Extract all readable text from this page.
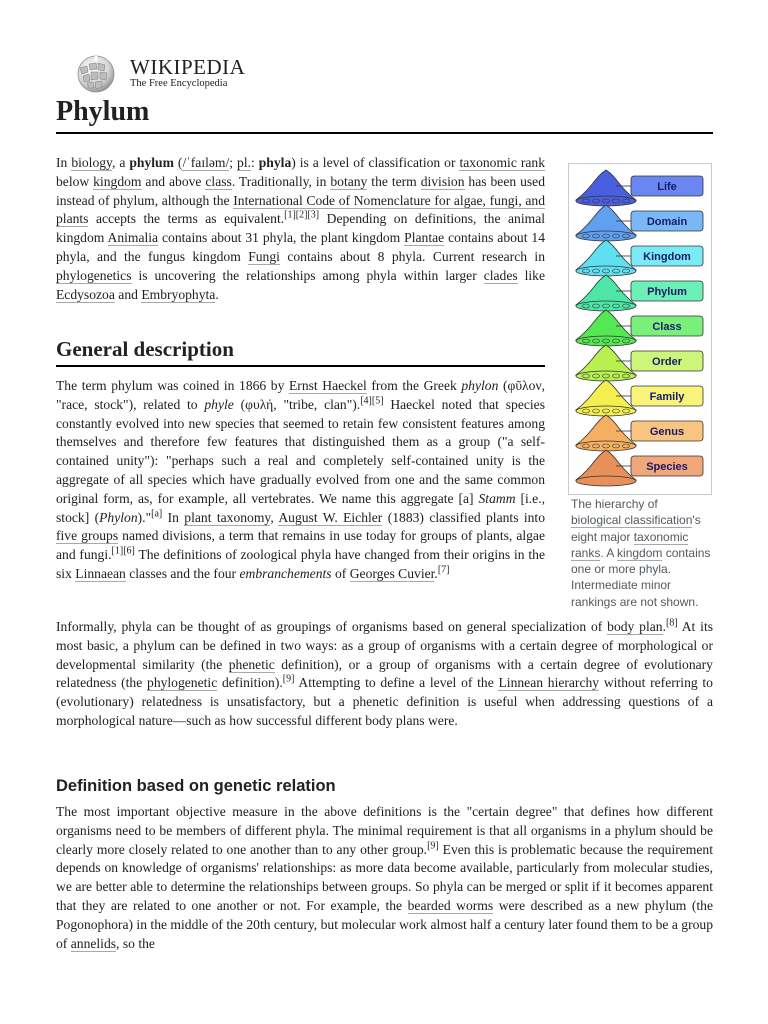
WIKIPEDIA
The Free Encyclopedia
Phylum

In biology, a phylum (/ˈfaɪləm/; pl.: phyla) is a level of classification or taxonomic rank below kingdom and above class. Traditionally, in botany the term division has been used instead of phylum, although the International Code of Nomenclature for algae, fungi, and plants accepts the terms as equivalent.[1][2][3] Depending on definitions, the animal kingdom Animalia contains about 31 phyla, the plant kingdom Plantae contains about 14 phyla, and the fungus kingdom Fungi contains about 8 phyla. Current research in phylogenetics is uncovering the relationships among phyla within larger clades like Ecdysozoa and Embryophyta.

General description

The term phylum was coined in 1866 by Ernst Haeckel from the Greek phylon (φῦλον, "race, stock"), related to phyle (φυλή, "tribe, clan").[4][5] Haeckel noted that species constantly evolved into new species that seemed to retain few consistent features among themselves and therefore few features that distinguished them as a group ("a self-contained unity"): "perhaps such a real and completely self-contained unity is the aggregate of all species which have gradually evolved from one and the same common original form, as, for example, all vertebrates. We name this aggregate [a] Stamm [i.e., stock] (Phylon)."[a] In plant taxonomy, August W. Eichler (1883) classified plants into five groups named divisions, a term that remains in use today for groups of plants, algae and fungi.[1][6] The definitions of zoological phyla have changed from their origins in the six Linnaean classes and the four embranchements of Georges Cuvier.[7]

Informally, phyla can be thought of as groupings of organisms based on general specialization of body plan.[8] At its most basic, a phylum can be defined in two ways: as a group of organisms with a certain degree of morphological or developmental similarity (the phenetic definition), or a group of organisms with a certain degree of evolutionary relatedness (the phylogenetic definition).[9] Attempting to define a level of the Linnean hierarchy without referring to (evolutionary) relatedness is unsatisfactory, but a phenetic definition is useful when addressing questions of a morphological nature—such as how successful different body plans were.

Definition based on genetic relation

The most important objective measure in the above definitions is the "certain degree" that defines how different organisms need to be members of different phyla. The minimal requirement is that all organisms in a phylum should be clearly more closely related to one another than to any other group.[9] Even this is problematic because the requirement depends on knowledge of organisms' relationships: as more data become available, particularly from molecular studies, we are better able to determine the relationships between groups. So phyla can be merged or split if it becomes apparent that they are related to one another or not. For example, the bearded worms were described as a new phylum (the Pogonophora) in the middle of the 20th century, but molecular work almost half a century later found them to be a group of annelids, so the

Life
Domain
Kingdom
Phylum
Class
Order
Family
Genus
Species
The hierarchy of biological classification's eight major taxonomic ranks. A kingdom contains one or more phyla. Intermediate minor rankings are not shown.
